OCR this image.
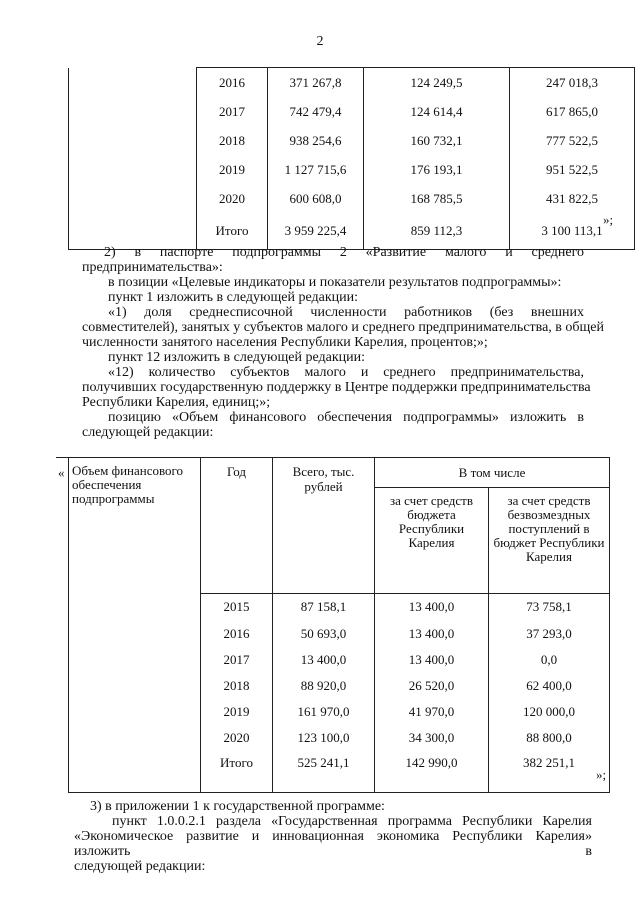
2
	2016	371 267,8	124 249,5	247 018,3
	2017	742 479,4	124 614,4	617 865,0
	2018	938 254,6	160 732,1	777 522,5
	2019	1 127 715,6	176 193,1	951 522,5
	2020	600 608,0	168 785,5	431 822,5
	Итого	3 959 225,4	859 112,3	3 100 113,1
»;
2) в паспорте подпрограммы 2 «Развитие малого и среднего
предпринимательства»:
в позиции «Целевые индикаторы и показатели результатов подпрограммы»:
пункт 1 изложить в следующей редакции:
«1) доля среднесписочной численности работников (без внешних
совместителей), занятых у субъектов малого и среднего предпринимательства, в общей
численности занятого населения Республики Карелия, процентов;»;
пункт 12 изложить в следующей редакции:
«12) количество субъектов малого и среднего предпринимательства,
получивших государственную поддержку в Центре поддержки предпринимательства
Республики Карелия, единиц;»;
позицию «Объем финансового обеспечения подпрограммы» изложить в
следующей редакции:
«
	Объем финансового обеспечения подпрограммы	Год	Всего, тыс. рублей	В том числе	
				за счет средств бюджета Республики Карелия	за счет средств безвозмездных поступлений в бюджет Республики Карелия
		2015	87 158,1	13 400,0	73 758,1
		2016	50 693,0	13 400,0	37 293,0
		2017	13 400,0	13 400,0	0,0
		2018	88 920,0	26 520,0	62 400,0
		2019	161 970,0	41 970,0	120 000,0
		2020	123 100,0	34 300,0	88 800,0
		Итого	525 241,1	142 990,0	382 251,1

»;
3) в приложении 1 к государственной программе:
пункт 1.0.0.2.1 раздела «Государственная программа Республики Карелия
«Экономическое развитие и инновационная экономика Республики Карелия» изложить в
следующей редакции:
